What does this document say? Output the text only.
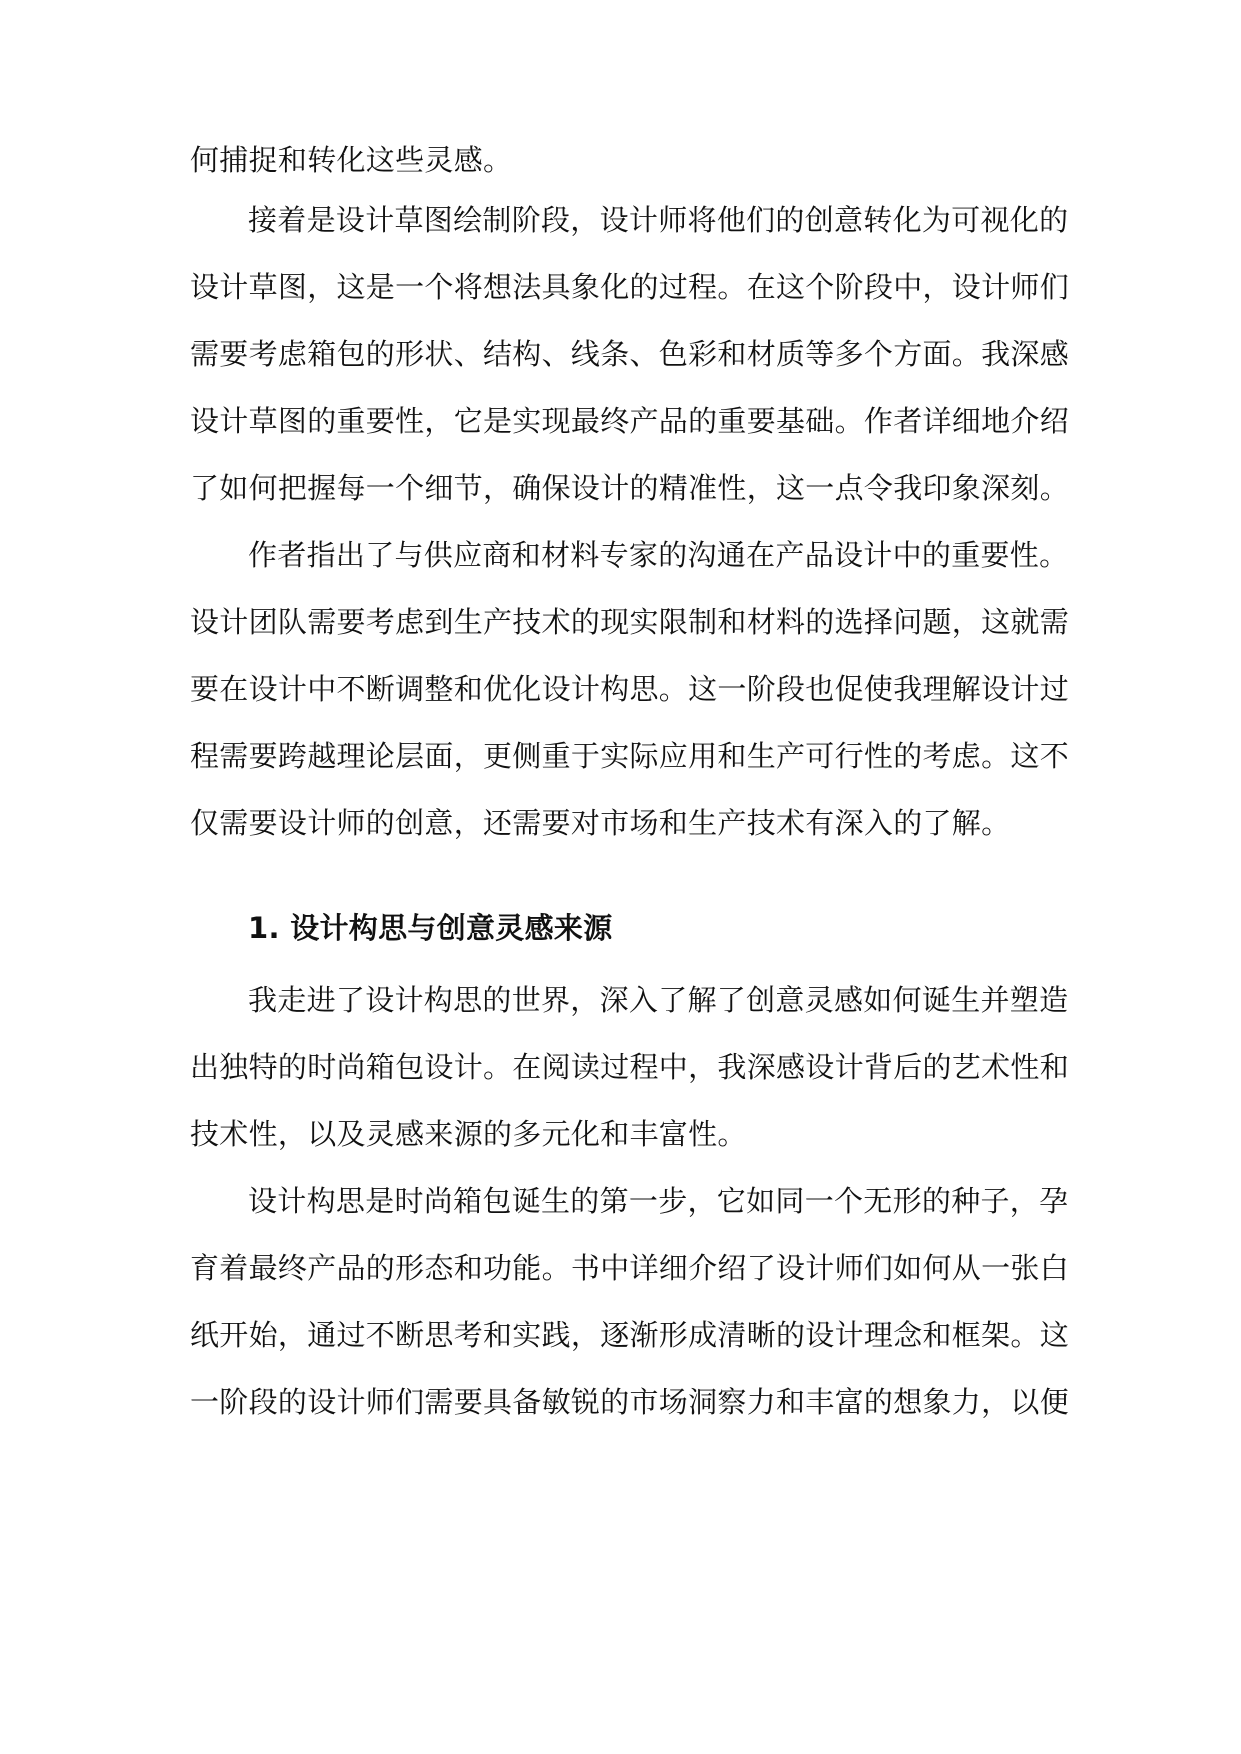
何捕捉和转化这些灵感。
接着是设计草图绘制阶段，设计师将他们的创意转化为可视化的
设计草图，这是一个将想法具象化的过程。在这个阶段中，设计师们
需要考虑箱包的形状、结构、线条、色彩和材质等多个方面。我深感
设计草图的重要性，它是实现最终产品的重要基础。作者详细地介绍
了如何把握每一个细节，确保设计的精准性，这一点令我印象深刻。
作者指出了与供应商和材料专家的沟通在产品设计中的重要性。
设计团队需要考虑到生产技术的现实限制和材料的选择问题，这就需
要在设计中不断调整和优化设计构思。这一阶段也促使我理解设计过
程需要跨越理论层面，更侧重于实际应用和生产可行性的考虑。这不
仅需要设计师的创意，还需要对市场和生产技术有深入的了解。
1. 设计构思与创意灵感来源
我走进了设计构思的世界，深入了解了创意灵感如何诞生并塑造
出独特的时尚箱包设计。在阅读过程中，我深感设计背后的艺术性和
技术性，以及灵感来源的多元化和丰富性。
设计构思是时尚箱包诞生的第一步，它如同一个无形的种子，孕
育着最终产品的形态和功能。书中详细介绍了设计师们如何从一张白
纸开始，通过不断思考和实践，逐渐形成清晰的设计理念和框架。这
一阶段的设计师们需要具备敏锐的市场洞察力和丰富的想象力，以便
